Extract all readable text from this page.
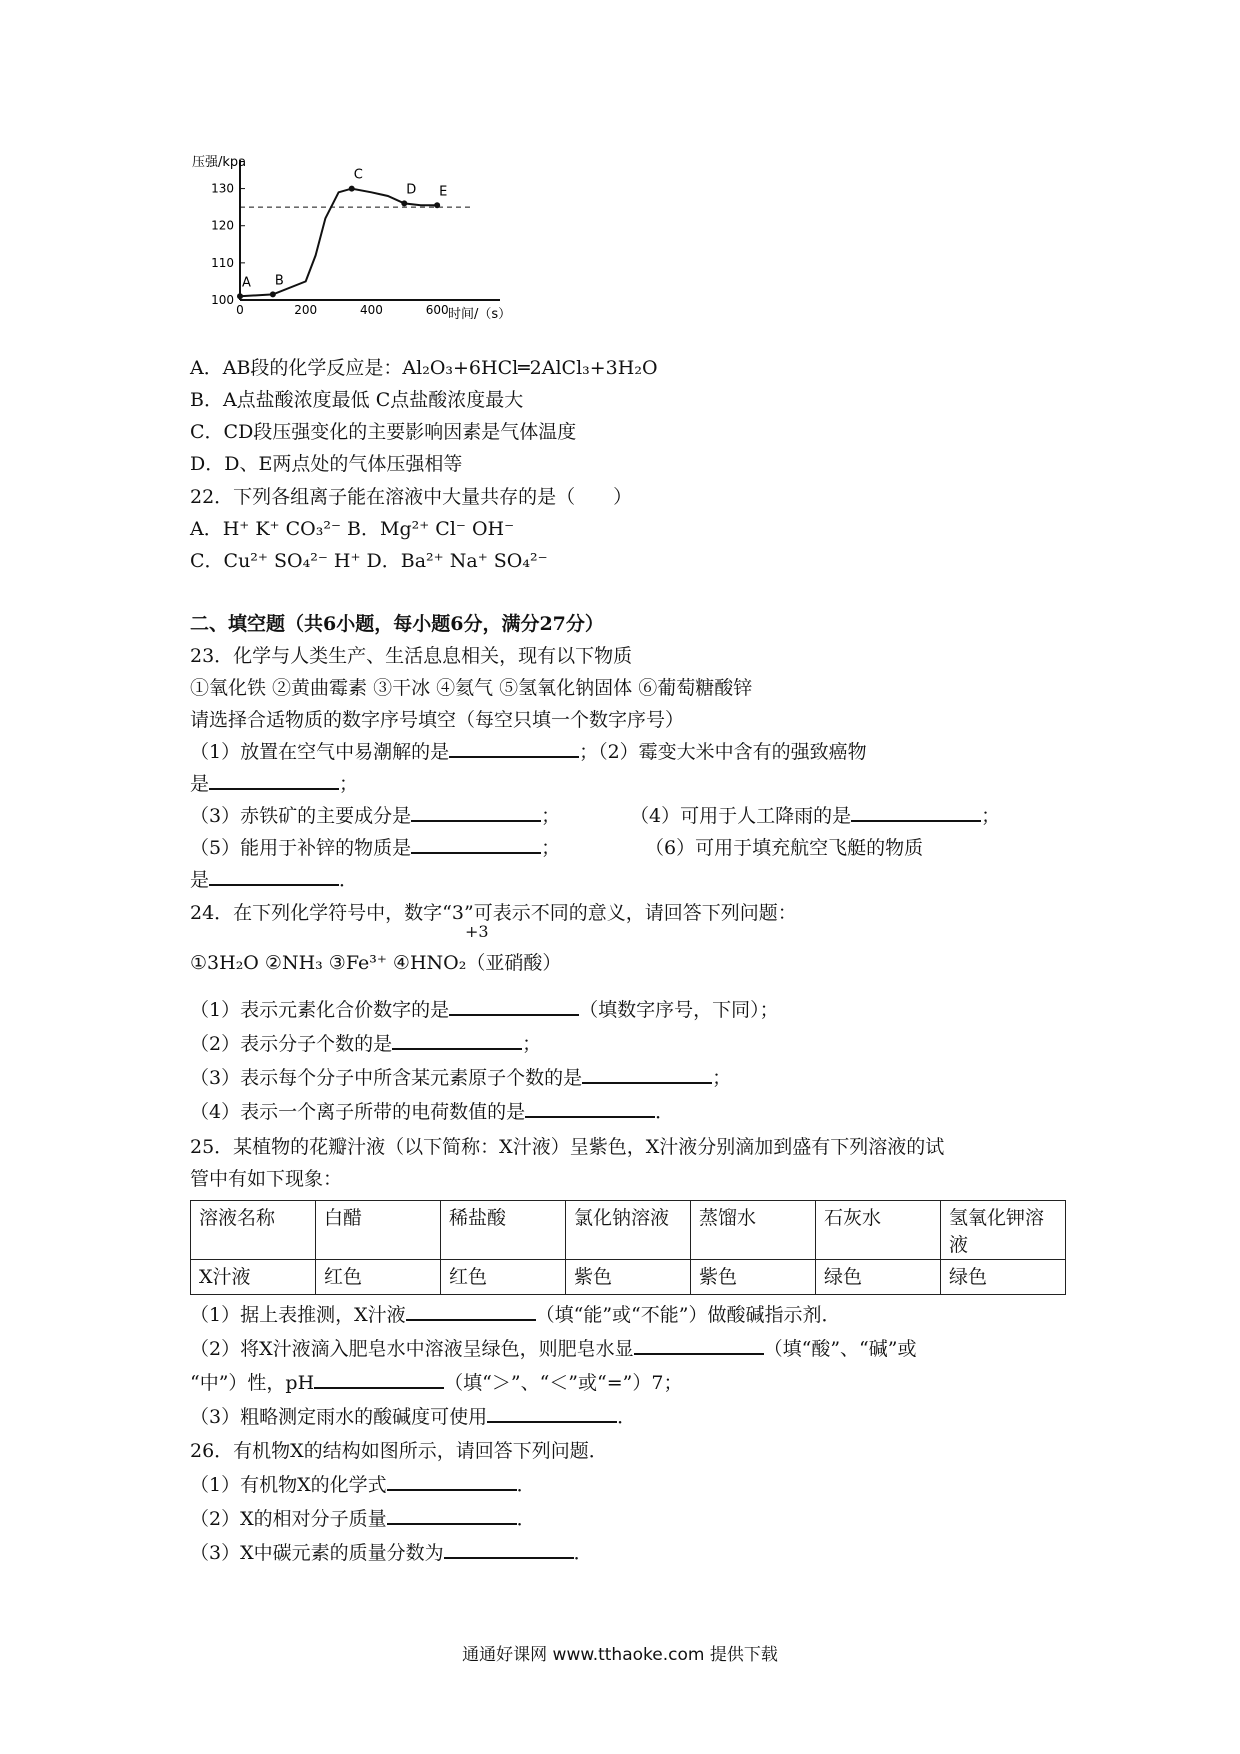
100
110
120
130
0	200	400	600
A B
C
D E
压强/kpa
时间/（s）
A．AB段的化学反应是：Al₂O₃+6HCl═2AlCl₃+3H₂O
B．A点盐酸浓度最低 C点盐酸浓度最大
C．CD段压强变化的主要影响因素是气体温度
D．D、E两点处的气体压强相等
22．下列各组离子能在溶液中大量共存的是（　　）
A．H⁺ K⁺ CO₃²⁻ B．Mg²⁺ Cl⁻ OH⁻
C．Cu²⁺ SO₄²⁻ H⁺ D．Ba²⁺ Na⁺ SO₄²⁻
二、填空题（共6小题，每小题6分，满分27分）
23．化学与人类生产、生活息息相关，现有以下物质
①氧化铁 ②黄曲霉素 ③干冰 ④氦气 ⑤氢氧化钠固体 ⑥葡萄糖酸锌
请选择合适物质的数字序号填空（每空只填一个数字序号）
（1）放置在空气中易潮解的是	；（2）霉变大米中含有的强致癌物
是	；
（3）赤铁矿的主要成分是	；	（4）可用于人工降雨的是	；
（5）能用于补锌的物质是	；	（6）可用于填充航空飞艇的物质
是	．
24．在下列化学符号中，数字“3”可表示不同的意义，请回答下列问题：
+3
①3H₂O ②NH₃ ③Fe³⁺ ④HNO₂（亚硝酸）
（1）表示元素化合价数字的是	（填数字序号，下同）；
（2）表示分子个数的是	；
（3）表示每个分子中所含某元素原子个数的是	；
（4）表示一个离子所带的电荷数值的是	．
25．某植物的花瓣汁液（以下简称：X汁液）呈紫色，X汁液分别滴加到盛有下列溶液的试
管中有如下现象：
溶液名称	白醋	稀盐酸	氯化钠溶液	蒸馏水	石灰水	氢氧化钾溶液
X汁液	红色	红色	紫色	紫色	绿色	绿色
（1）据上表推测，X汁液	（填“能”或“不能”）做酸碱指示剂．
（2）将X汁液滴入肥皂水中溶液呈绿色，则肥皂水显	（填“酸”、“碱”或
“中”）性，pH	（填“＞”、“＜”或“=”）7；
（3）粗略测定雨水的酸碱度可使用	．
26．有机物X的结构如图所示，请回答下列问题．
（1）有机物X的化学式	．
（2）X的相对分子质量	．
（3）X中碳元素的质量分数为	．
通通好课网 www.tthaoke.com 提供下载
